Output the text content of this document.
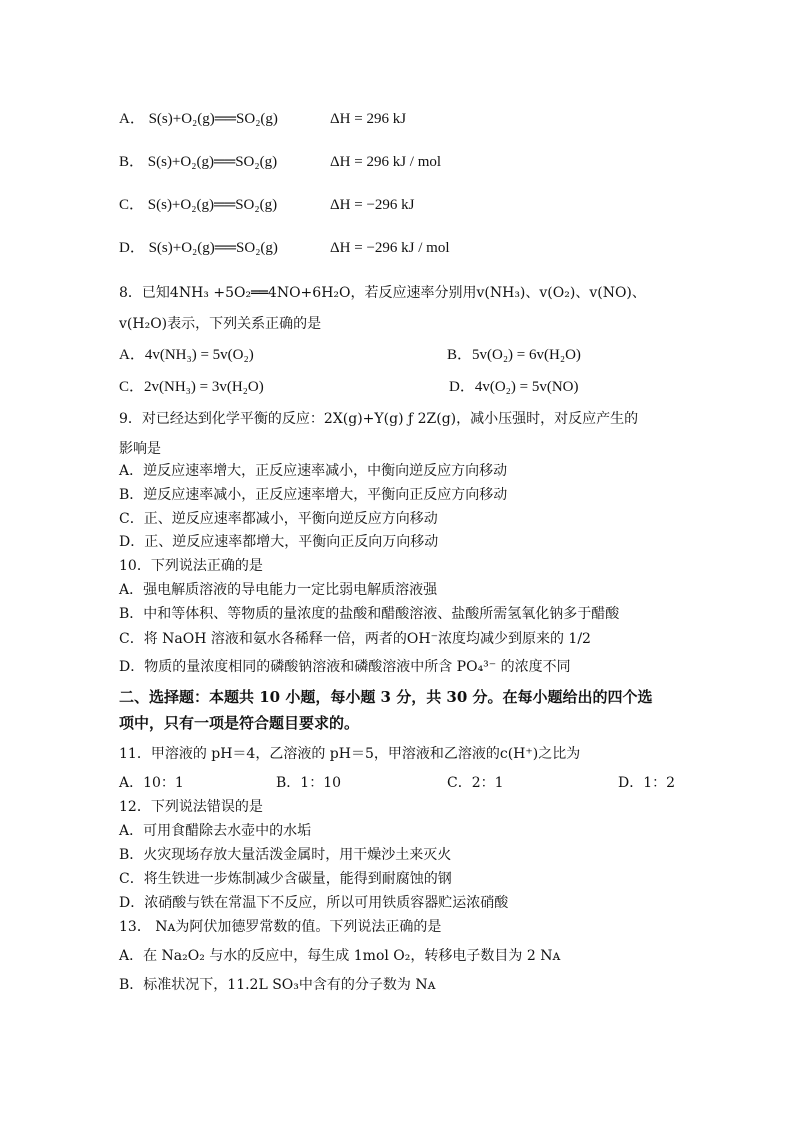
A． S(s)+O₂(g)══SO₂(g)	ΔH = 296 kJ
B． S(s)+O₂(g)══SO₂(g)	ΔH = 296 kJ / mol
C． S(s)+O₂(g)══SO₂(g)	ΔH = −296 kJ
D． S(s)+O₂(g)══SO₂(g)	ΔH = −296 kJ / mol
8．已知4NH₃ +5O₂══4NO+6H₂O，若反应速率分别用v(NH₃)、v(O₂)、v(NO)、
v(H₂O)表示，下列关系正确的是
A．4v(NH₃) = 5v(O₂)	B．5v(O₂) = 6v(H₂O)
C．2v(NH₃) = 3v(H₂O)	D．4v(O₂) = 5v(NO)
9．对已经达到化学平衡的反应：2X(g)+Y(g) ƒ 2Z(g)，减小压强时，对反应产生的
影响是
A．逆反应速率增大，正反应速率减小，中衡向逆反应方向移动
B．逆反应速率减小，正反应速率增大，平衡向正反应方向移动
C．正、逆反应速率都减小，平衡向逆反应方向移动
D．正、逆反应速率都增大，平衡向正反向万向移动
10．下列说法正确的是
A．强电解质溶液的导电能力一定比弱电解质溶液强
B．中和等体积、等物质的量浓度的盐酸和醋酸溶液、盐酸所需氢氧化钠多于醋酸
C．将 NaOH 溶液和氨水各稀释一倍，两者的OH⁻浓度均减少到原来的 1/2
D．物质的量浓度相同的磷酸钠溶液和磷酸溶液中所含 PO₄³⁻ 的浓度不同
二、选择题：本题共 10 小题，每小题 3 分，共 30 分。在每小题给出的四个选
项中，只有一项是符合题目要求的。
11．甲溶液的 pH＝4，乙溶液的 pH＝5，甲溶液和乙溶液的c(H⁺)之比为
A．10：1	B．1：10	C．2：1	D．1：2
12．下列说法错误的是
A．可用食醋除去水壶中的水垢
B．火灾现场存放大量活泼金属时，用干燥沙土来灭火
C．将生铁进一步炼制减少含碳量，能得到耐腐蚀的钢
D．浓硝酸与铁在常温下不反应，所以可用铁质容器贮运浓硝酸
13． Nᴀ为阿伏加德罗常数的值。下列说法正确的是
A．在 Na₂O₂ 与水的反应中，每生成 1mol O₂，转移电子数目为 2 Nᴀ
B．标准状况下，11.2L SO₃中含有的分子数为 Nᴀ
